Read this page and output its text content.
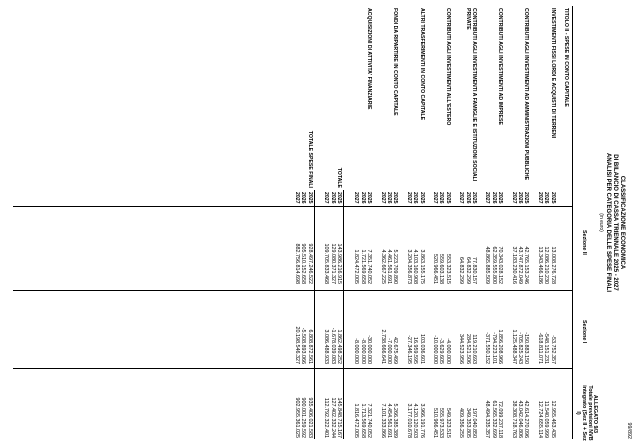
99/892
CLASSIFICAZIONE ECONOMICA
DI BILANCIO DI CASSA TRIENNALE 2025 - 2027
ANALISI PER CATEGORIA DELLE SPESE FINALI
(in euro)
ALLEGATO 9/3
Sezione II
Sezione I
Totale previsioni NVB integrato (Sez II + Sez I)
TITOLO II - SPESE IN CONTO CAPITALE
INVESTIMENTI FISSI LORDI E ACQUISTI DI TERRENI
2025
13.008.276.728
-53.752.357
12.955.463.435
2026
12.086.210.230
-548.151.231
11.540.059.999
2027
13.343.466.186
-618.811.071
12.724.655.114
CONTRIBUTI AGLI INVESTIMENTI AD AMMINISTRAZIONI PUBBLICHE
2025
42.765.153.246
-150.883.150
42.614.270.096
2026
43.747.872.049
-705.825.243
43.042.046.806
2027
37.183.230.416
1.125.488.347
38.308.718.763
CONTRIBUTI AGLI INVESTIMENTI AD IMPRESE
2025
70.343.028.152
1.856.208.966
72.099.237.118
2026
62.359.555.800
-794.223.101
61.565.332.699
2027
48.865.885.509
-371.550.152
48.494.335.357
CONTRIBUTI AGLI INVESTIMENTI A FAMIGLIE E ISTITUZIONI SOCIALI PRIVATE
2025
77.830.157
119.210.693
197.040.850
2026
64.832.299
284.521.506
349.353.805
2027
64.832.299
344.523.956
409.356.255
CONTRIBUTI AGLI INVESTIMENTI ALL'ESTERO
2025
553.323.515
-4.000.000
549.323.515
2026
559.603.138
-3.629.605
555.973.533
2027
520.966.451
-10.000.000
510.966.451
ALTRI TRASFERIMENTI IN CONTO CAPITALE
2025
3.863.155.175
103.036.601
3.966.191.776
2026
4.103.160.908
16.959.595
4.120.120.503
2027
3.204.356.873
-27.346.195
3.177.010.678
FONDI DA RIPARTIRE IN CONTO CAPITALE
2025
5.223.709.890
42.675.499
5.266.385.389
2026
4.461.561.691
-7.000.000
4.454.561.691
2027
4.362.667.225
2.738.666.641
7.101.333.866
ACQUISIZIONI DI ATTIVITA' FINANZIARIE
2025
7.351.740.052
-30.000.000
7.321.740.052
2026
1.721.569.658
-8.000.000
1.713.569.658
2027
1.824.472.005
-8.000.000
1.816.472.005
TOTALE
2025
143.986.216.915
1.862.498.252
145.848.715.167
2026
129.080.371.327
-1.678.039.083
127.402.332.244
2027
109.705.833.468
3.086.488.933
112.792.322.401
TOTALE SPESE FINALI
2025
928.497.246.522
6.808.872.561
935.406.021.583
2026
905.510.152.658
-5.508.893.066
900.001.259.592
2027
882.756.814.698
20.198.546.327
902.955.361.025
